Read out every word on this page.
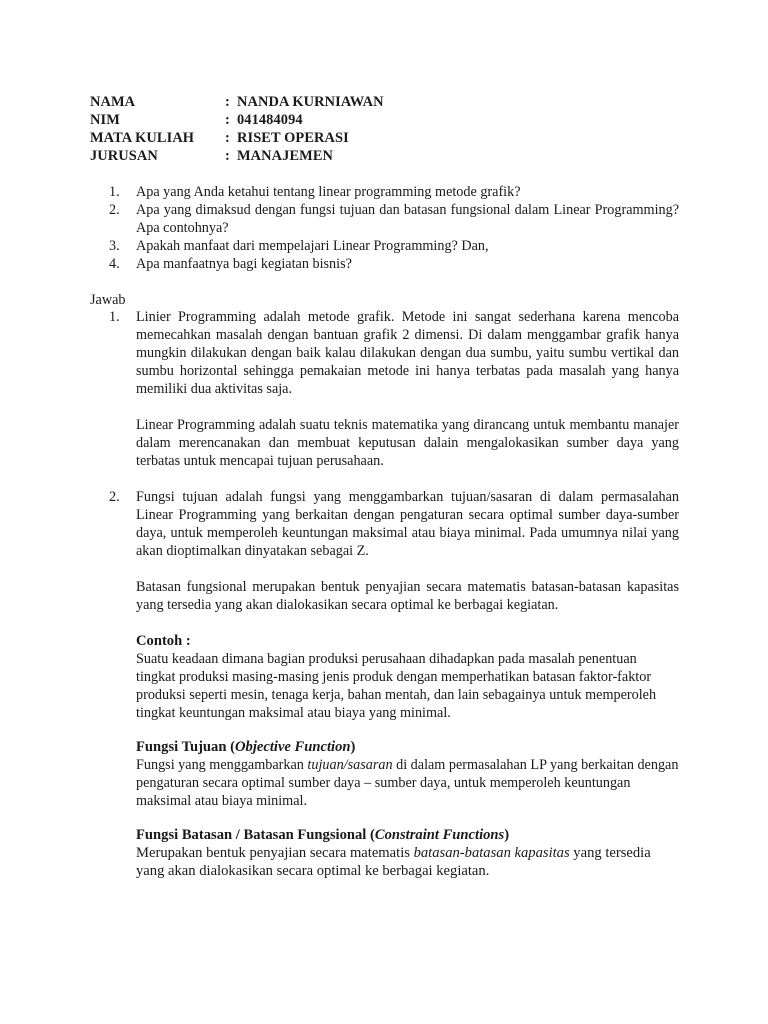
NAMA	: NANDA KURNIAWAN
NIM	: 041484094
MATA KULIAH	: RISET OPERASI
JURUSAN	: MANAJEMEN
1.	Apa yang Anda ketahui tentang linear programming metode grafik?
2.	Apa yang dimaksud dengan fungsi tujuan dan batasan fungsional dalam Linear Programming? Apa contohnya?
3.	Apakah manfaat dari mempelajari Linear Programming? Dan,
4.	Apa manfaatnya bagi kegiatan bisnis?
Jawab
1.	Linier Programming adalah metode grafik. Metode ini sangat sederhana karena mencoba memecahkan masalah dengan bantuan grafik 2 dimensi. Di dalam menggambar grafik hanya mungkin dilakukan dengan baik kalau dilakukan dengan dua sumbu, yaitu sumbu vertikal dan sumbu horizontal sehingga pemakaian metode ini hanya terbatas pada masalah yang hanya memiliki dua aktivitas saja.

Linear Programming adalah suatu teknis matematika yang dirancang untuk membantu manajer dalam merencanakan dan membuat keputusan dalain mengalokasikan sumber daya yang terbatas untuk mencapai tujuan perusahaan.

2.	Fungsi tujuan adalah fungsi yang menggambarkan tujuan/sasaran di dalam permasalahan Linear Programming yang berkaitan dengan pengaturan secara optimal sumber daya-sumber daya, untuk memperoleh keuntungan maksimal atau biaya minimal. Pada umumnya nilai yang akan dioptimalkan dinyatakan sebagai Z.

Batasan fungsional merupakan bentuk penyajian secara matematis batasan-batasan kapasitas yang tersedia yang akan dialokasikan secara optimal ke berbagai kegiatan.

Contoh :

Suatu keadaan dimana bagian produksi perusahaan dihadapkan pada masalah penentuan tingkat produksi masing-masing jenis produk dengan memperhatikan batasan faktor-faktor produksi seperti mesin, tenaga kerja, bahan mentah, dan lain sebagainya untuk memperoleh tingkat keuntungan maksimal atau biaya yang minimal.

Fungsi Tujuan (Objective Function)

Fungsi yang menggambarkan tujuan/sasaran di dalam permasalahan LP yang berkaitan dengan pengaturan secara optimal sumber daya – sumber daya, untuk memperoleh keuntungan maksimal atau biaya minimal.

Fungsi Batasan / Batasan Fungsional (Constraint Functions)

Merupakan bentuk penyajian secara matematis batasan-batasan kapasitas yang tersedia yang akan dialokasikan secara optimal ke berbagai kegiatan.
